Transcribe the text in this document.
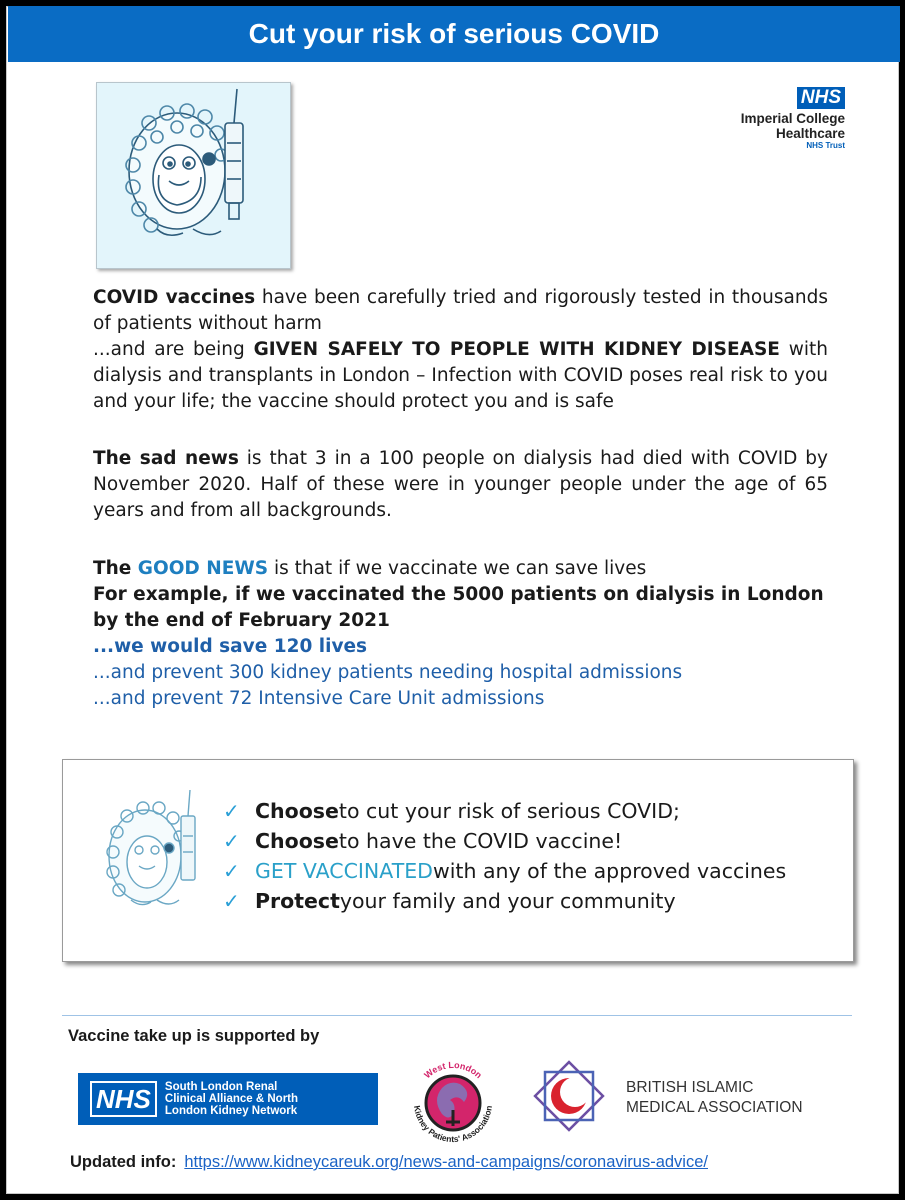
Cut your risk of serious COVID
NHS
Imperial College
Healthcare
NHS Trust
COVID vaccines have been carefully tried and rigorously tested in thousands of patients without harm
...and are being GIVEN SAFELY TO PEOPLE WITH KIDNEY DISEASE with dialysis and transplants in London – Infection with COVID poses real risk to you and your life; the vaccine should protect you and is safe
The sad news is that 3 in a 100 people on dialysis had died with COVID by November 2020. Half of these were in younger people under the age of 65 years and from all backgrounds.
The GOOD NEWS is that if we vaccinate we can save lives
For example, if we vaccinated the 5000 patients on dialysis in London by the end of February 2021
...we would save 120 lives
...and prevent 300 kidney patients needing hospital admissions
...and prevent 72 Intensive Care Unit admissions
✓ Choose to cut your risk of serious COVID;
✓ Choose to have the COVID vaccine!
✓ GET VACCINATED with any of the approved vaccines
✓ Protect your family and your community
Vaccine take up is supported by
NHS	South London Renal
Clinical Alliance & North
London Kidney Network
West London
Kidney Patients' Association
BRITISH ISLAMIC
MEDICAL ASSOCIATION
Updated info: https://www.kidneycareuk.org/news-and-campaigns/coronavirus-advice/
